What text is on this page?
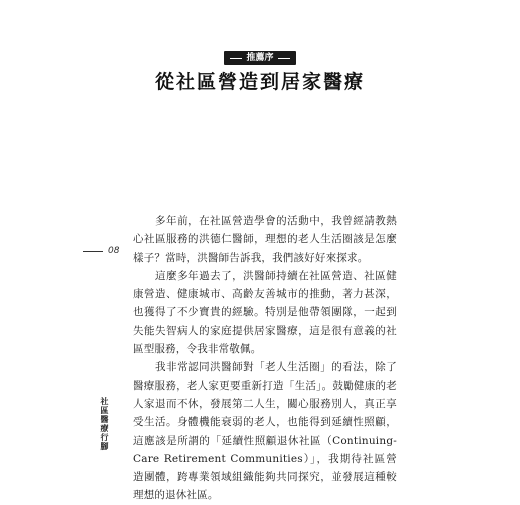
推薦序
從社區營造到居家醫療
08
社區醫療行腳

多年前，在社區營造學會的活動中，我曾經請教熱心社區服務的洪德仁醫師，理想的老人生活圈該是怎麼樣子？當時，洪醫師告訴我，我們該好好來探求。

這麼多年過去了，洪醫師持續在社區營造、社區健康營造、健康城市、高齡友善城市的推動，著力甚深，也獲得了不少寶貴的經驗。特別是他帶領團隊，一起到失能失智病人的家庭提供居家醫療，這是很有意義的社區型服務，令我非常敬佩。

我非常認同洪醫師對「老人生活圈」的看法，除了醫療服務，老人家更要重新打造「生活」。鼓勵健康的老人家退而不休，發展第二人生，關心服務別人，真正享受生活。身體機能衰弱的老人，也能得到延續性照顧，這應該是所謂的「延續性照顧退休社區（Continuing-Care Retirement Communities）」，我期待社區營造團體，跨專業領域組織能夠共同探究，並發展這種較理想的退休社區。
